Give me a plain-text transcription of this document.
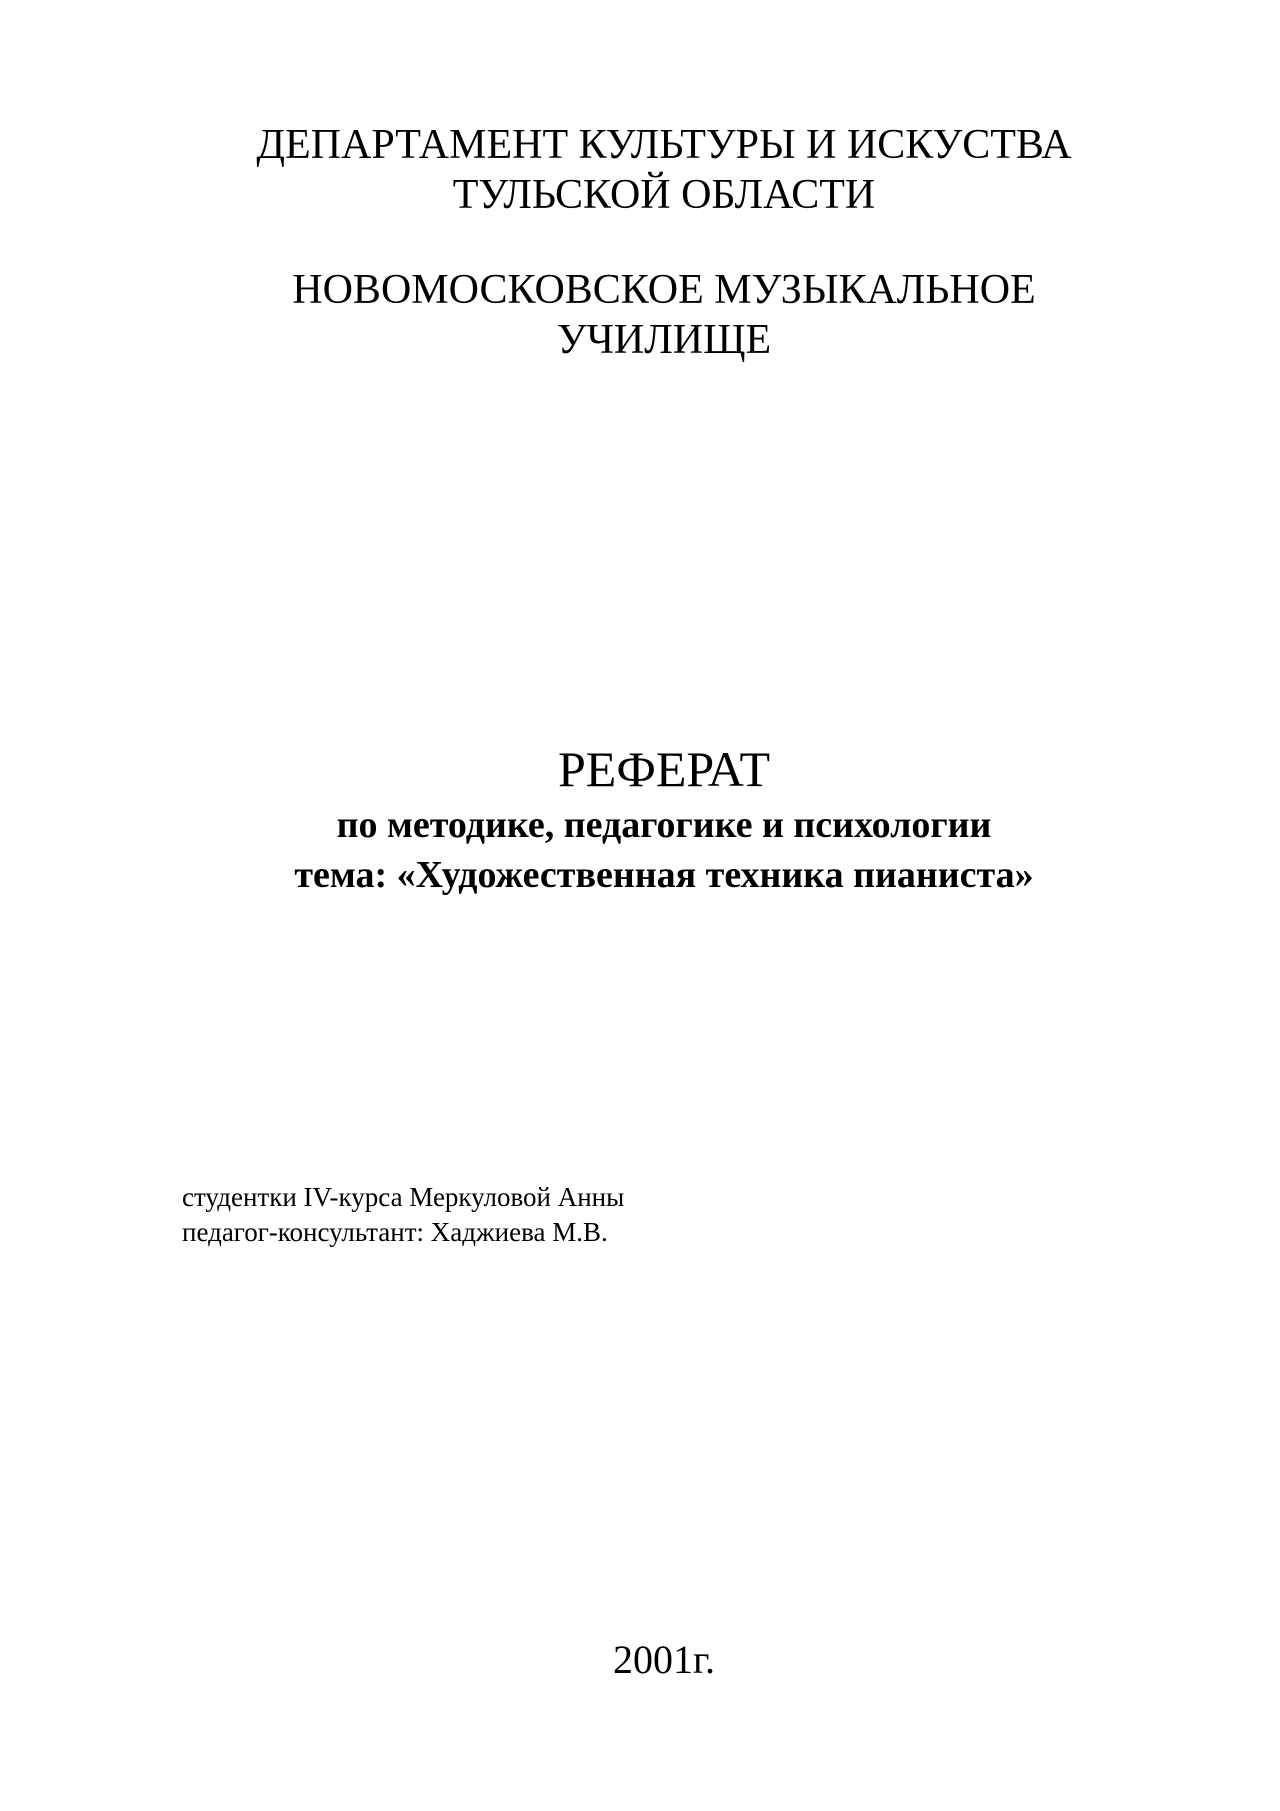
ДЕПАРТАМЕНТ КУЛЬТУРЫ И ИСКУСТВА
ТУЛЬСКОЙ ОБЛАСТИ
НОВОМОСКОВСКОЕ МУЗЫКАЛЬНОЕ
УЧИЛИЩЕ
РЕФЕРАТ
по методике, педагогике и психологии
тема: «Художественная техника пианиста»
студентки IV-курса Меркуловой Анны
педагог-консультант: Хаджиева М.В.
2001г.
